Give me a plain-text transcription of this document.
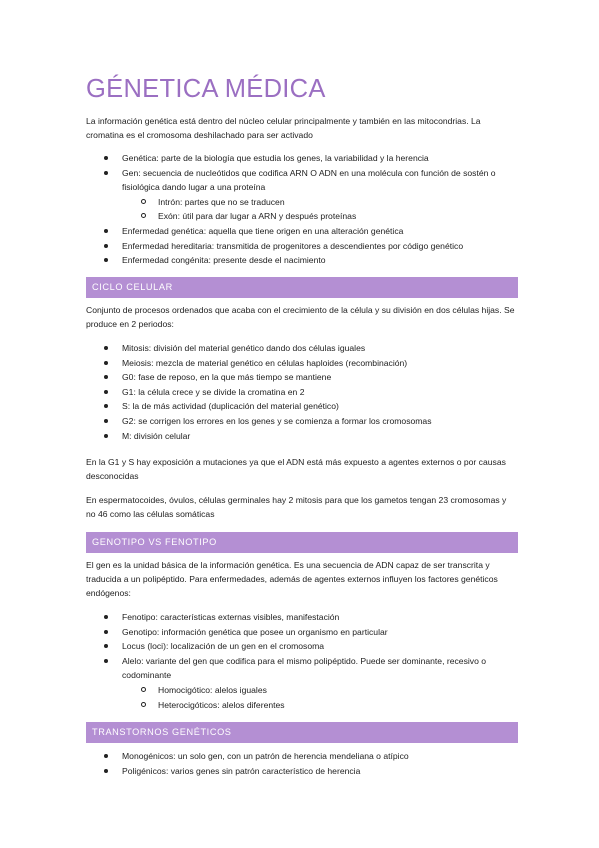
GÉNETICA MÉDICA

La información genética está dentro del núcleo celular principalmente y también en las mitocondrias. La cromatina es el cromosoma deshilachado para ser activado

Genética: parte de la biología que estudia los genes, la variabilidad y la herencia
Gen: secuencia de nucleótidos que codifica ARN O ADN en una molécula con función de sostén o fisiológica dando lugar a una proteína
Intrón: partes que no se traducen
Exón: útil para dar lugar a ARN y después proteínas
Enfermedad genética: aquella que tiene origen en una alteración genética
Enfermedad hereditaria: transmitida de progenitores a descendientes por código genético
Enfermedad congénita: presente desde el nacimiento
CICLO CELULAR

Conjunto de procesos ordenados que acaba con el crecimiento de la célula y su división en dos células hijas. Se produce en 2 periodos:

Mitosis: división del material genético dando dos células iguales
Meiosis: mezcla de material genético en células haploides (recombinación)
G0: fase de reposo, en la que más tiempo se mantiene
G1: la célula crece y se divide la cromatina en 2
S: la de más actividad (duplicación del material genético)
G2: se corrigen los errores en los genes y se comienza a formar los cromosomas
M: división celular

En la G1 y S hay exposición a mutaciones ya que el ADN está más expuesto a agentes externos o por causas desconocidas

En espermatocoides, óvulos, células germinales hay 2 mitosis para que los gametos tengan 23 cromosomas y no 46 como las células somáticas

GENOTIPO VS FENOTIPO

El gen es la unidad básica de la información genética. Es una secuencia de ADN capaz de ser transcrita y traducida a un polipéptido. Para enfermedades, además de agentes externos influyen los factores genéticos endógenos:

Fenotipo: características externas visibles, manifestación
Genotipo: información genética que posee un organismo en particular
Locus (loci): localización de un gen en el cromosoma
Alelo: variante del gen que codifica para el mismo polipéptido. Puede ser dominante, recesivo o codominante
Homocigótico: alelos iguales
Heterocigóticos: alelos diferentes
TRANSTORNOS GENÉTICOS
Monogénicos: un solo gen, con un patrón de herencia mendeliana o atípico
Poligénicos: varios genes sin patrón característico de herencia
